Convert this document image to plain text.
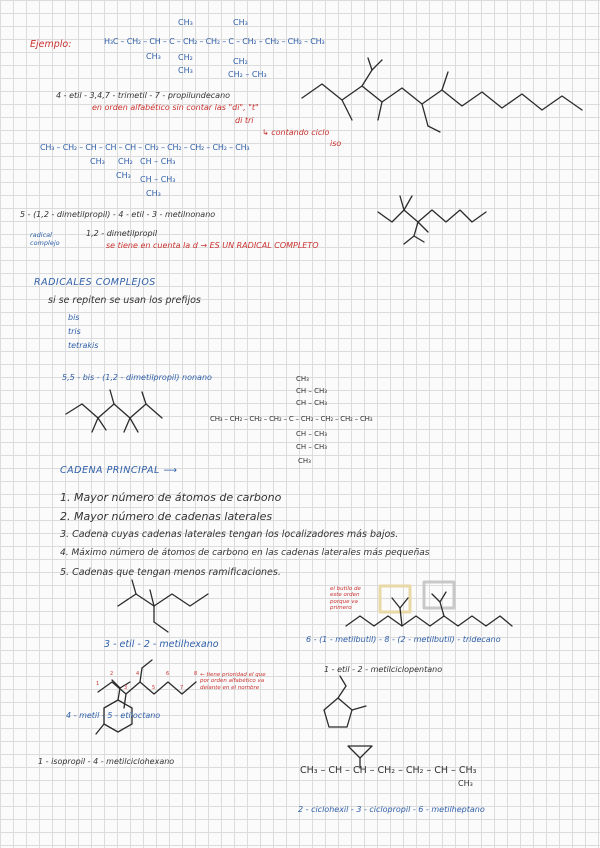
Ejemplo:	H₃C – CH₂ – CH – C – CH₂ – CH₂ – C – CH₂ – CH₂ – CH₂ – CH₃
CH₃	CH₃
CH₃ CH₂
CH₃
CH₂
CH₂ – CH₃
4 - etil - 3,4,7 - trimetil - 7 - propilundecano
en orden alfabético sin contar las "di", "t"
di tri
↳ contando ciclo
iso
CH₃ – CH₂ – CH – CH – CH – CH₂ – CH₂ – CH₂ – CH₂ – CH₃
CH₃ CH₂ CH – CH₃
CH₃ CH – CH₃
CH₃
5 - (1,2 - dimetilpropil) - 4 - etil - 3 - metilnonano
radical complejo
1,2 - dimetilpropil
se tiene en cuenta la d → ES UN RADICAL COMPLETO
RADICALES COMPLEJOS
si se repiten se usan los prefijos
bis
tris
tetrakis
5,5 - bis - (1,2 - dimetilpropil) nonano
CH₃ – CH₂ – CH₂ – CH₂ – C – CH₂ – CH₂ – CH₂ – CH₃
CH₃
CH – CH₃
CH – CH₃
CH – CH₃
CH – CH₃
CH₃
CADENA PRINCIPAL ⟶
1. Mayor número de átomos de carbono
2. Mayor número de cadenas laterales
3. Cadena cuyas cadenas laterales tengan los localizadores más bajos.
4. Máximo número de átomos de carbono en las cadenas laterales más pequeñas
5. Cadenas que tengan menos ramificaciones.
3 - etil - 2 - metilhexano
el butilo de este orden porque va primero
6 - (1 - metilbutil) - 8 - (2 - metilbutil) - tridecano
1 - etil - 2 - metilciclopentano
1
2
3
4
5
6
7
8 ← tiene prioridad el que por orden alfabético va delante en el nombre
4 - metil - 5 - etiloctano
1 - isopropil - 4 - metilciclohexano
CH₃ – CH – CH – CH₂ – CH₂ – CH – CH₃
CH₃
2 - ciclohexil - 3 - ciclopropil - 6 - metilheptano
